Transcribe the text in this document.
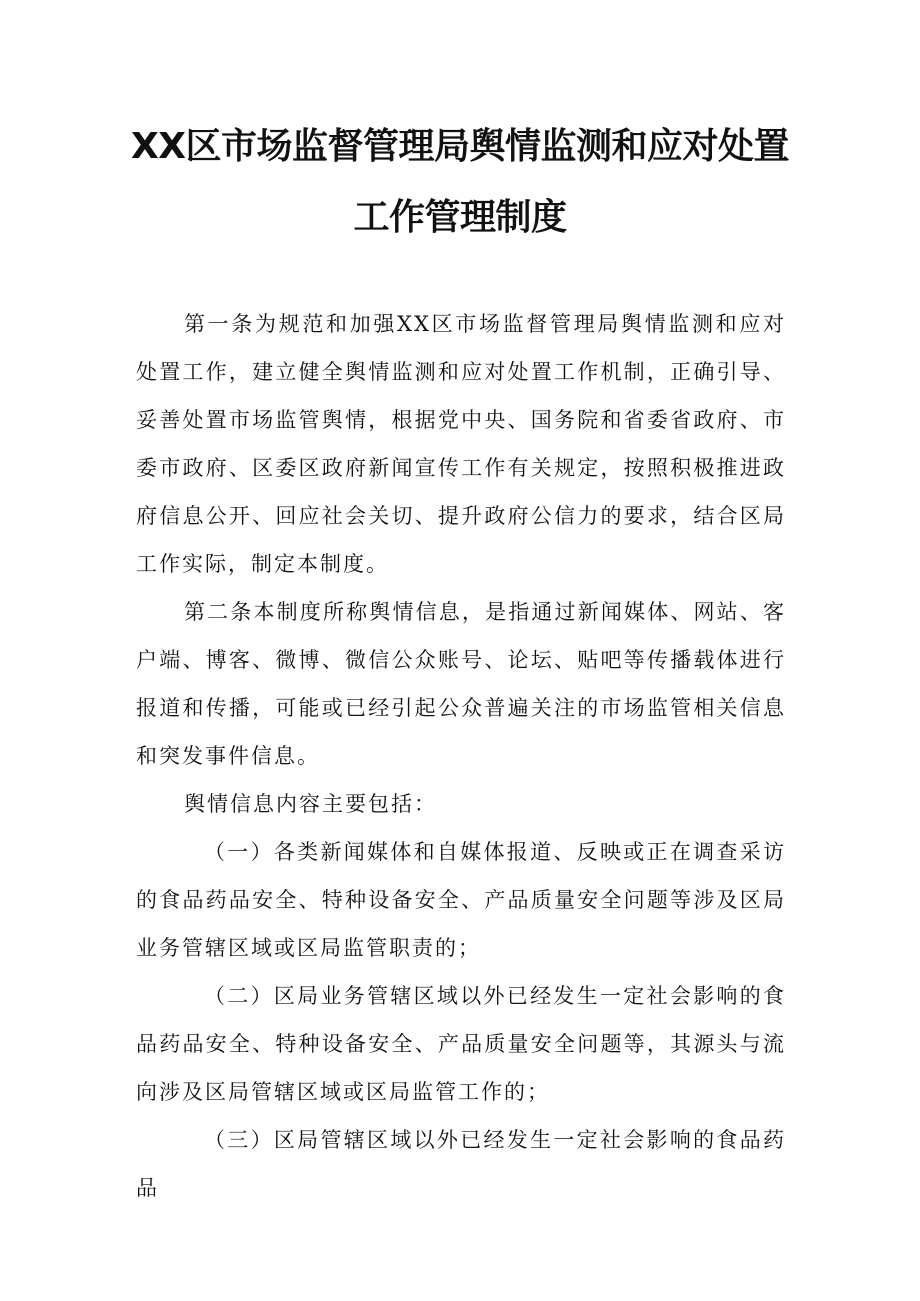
XX区市场监督管理局舆情监测和应对处置
工作管理制度

第一条为规范和加强XX区市场监督管理局舆情监测和应对处置工作，建立健全舆情监测和应对处置工作机制，正确引导、妥善处置市场监管舆情，根据党中央、国务院和省委省政府、市委市政府、区委区政府新闻宣传工作有关规定，按照积极推进政府信息公开、回应社会关切、提升政府公信力的要求，结合区局工作实际，制定本制度。

第二条本制度所称舆情信息，是指通过新闻媒体、网站、客户端、博客、微博、微信公众账号、论坛、贴吧等传播载体进行报道和传播，可能或已经引起公众普遍关注的市场监管相关信息和突发事件信息。

舆情信息内容主要包括：

（一）各类新闻媒体和自媒体报道、反映或正在调查采访的食品药品安全、特种设备安全、产品质量安全问题等涉及区局业务管辖区域或区局监管职责的；

（二）区局业务管辖区域以外已经发生一定社会影响的食品药品安全、特种设备安全、产品质量安全问题等，其源头与流向涉及区局管辖区域或区局监管工作的；

（三）区局管辖区域以外已经发生一定社会影响的食品药品
